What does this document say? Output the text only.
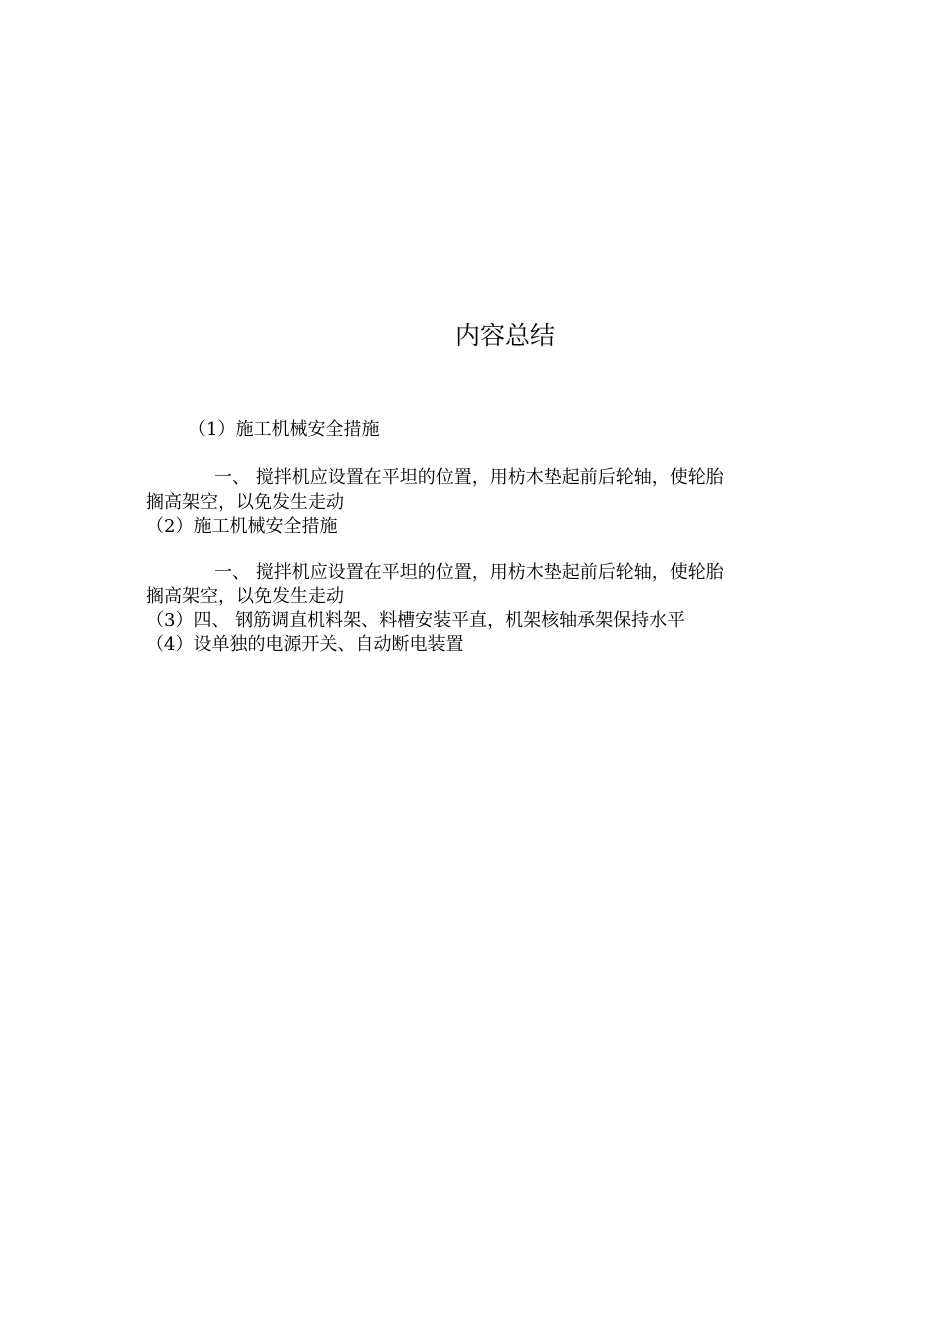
内容总结

（1）施工机械安全措施

一、 搅拌机应设置在平坦的位置，用枋木垫起前后轮轴，使轮胎

搁高架空，以免发生走动

（2）施工机械安全措施

一、 搅拌机应设置在平坦的位置，用枋木垫起前后轮轴，使轮胎

搁高架空，以免发生走动

（3）四、 钢筋调直机料架、料槽安装平直，机架核轴承架保持水平

（4）设单独的电源开关、自动断电装置
